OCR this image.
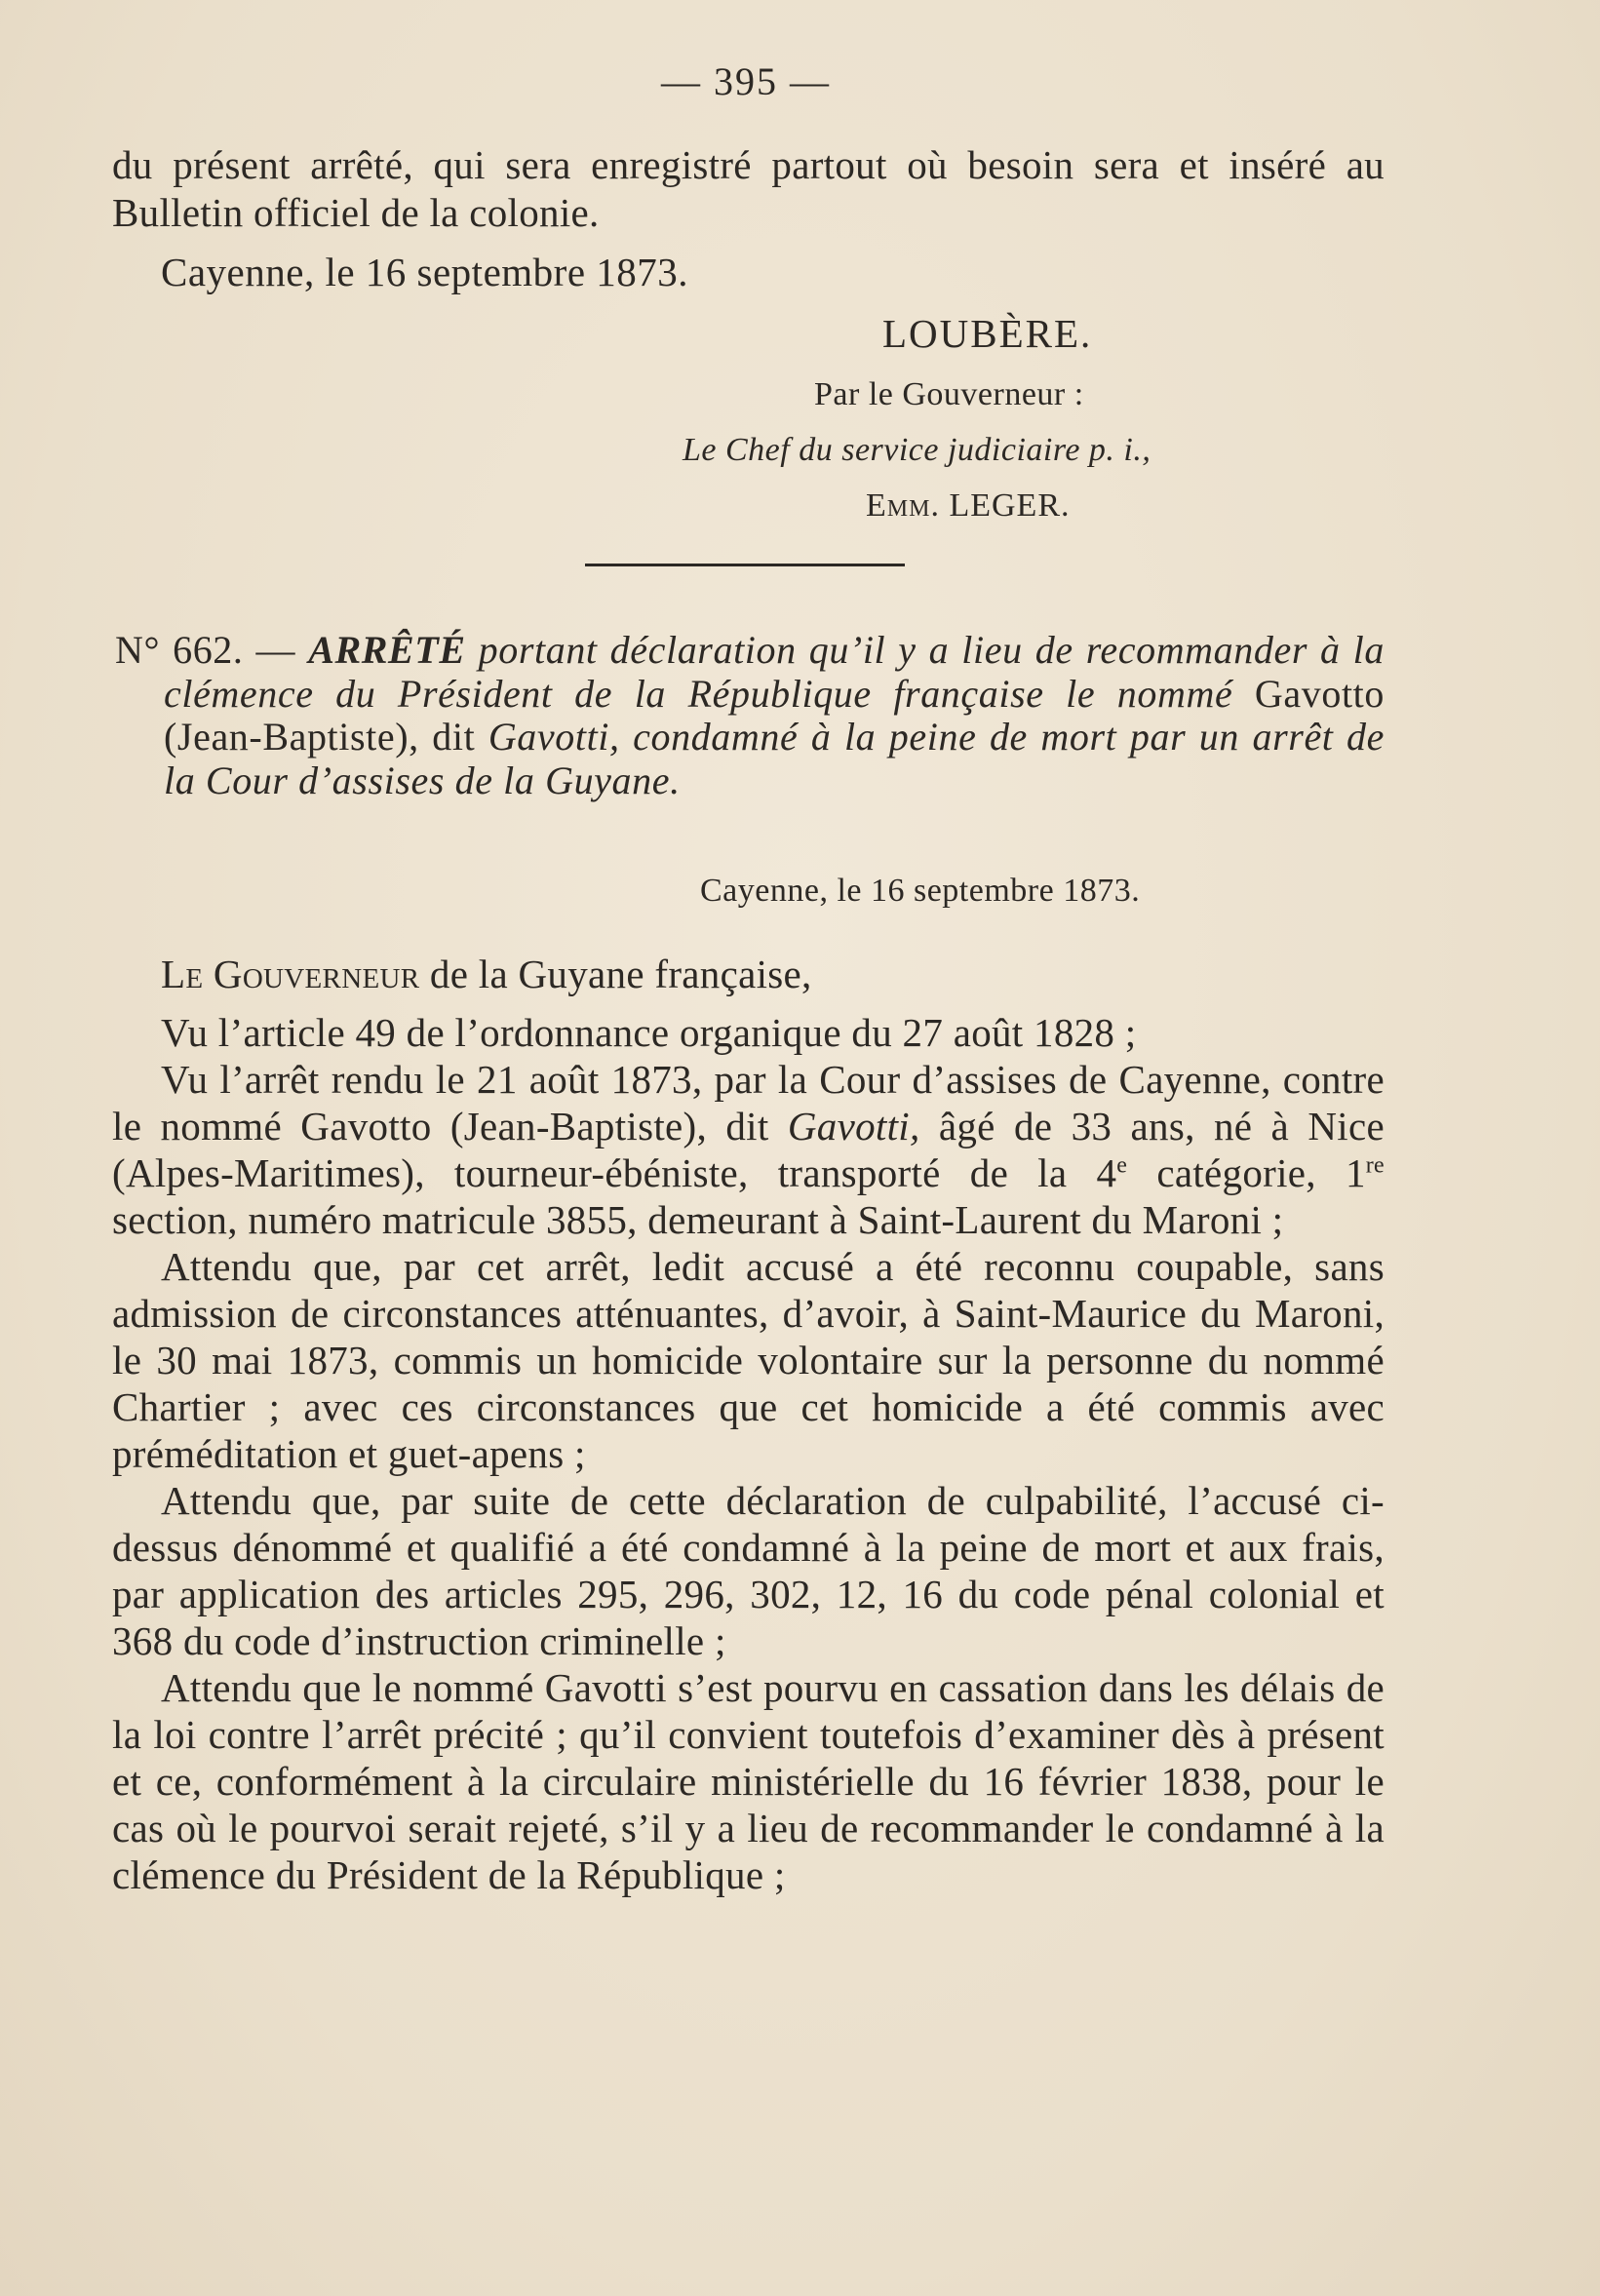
— 395 —

du présent arrêté, qui sera enregistré partout où besoin sera et inséré au Bulletin officiel de la colonie.

Cayenne, le 16 septembre 1873.
LOUBÈRE.
Par le Gouverneur :
Le Chef du service judiciaire p. i.,
Emm. LEGER.

N° 662. — ARRÊTÉ portant déclaration qu’il y a lieu de recommander à la clémence du Président de la République française le nommé Gavotto (Jean-Baptiste), dit Gavotti, condamné à la peine de mort par un arrêt de la Cour d’assises de la Guyane.

Cayenne, le 16 septembre 1873.

Le Gouverneur de la Guyane française,

Vu l’article 49 de l’ordonnance organique du 27 août 1828 ;

Vu l’arrêt rendu le 21 août 1873, par la Cour d’assises de Cayenne, contre le nommé Gavotto (Jean-Baptiste), dit Gavotti, âgé de 33 ans, né à Nice (Alpes-Maritimes), tourneur-ébéniste, transporté de la 4e catégorie, 1re section, numéro matricule 3855, demeurant à Saint-Laurent du Maroni ;

Attendu que, par cet arrêt, ledit accusé a été reconnu coupable, sans admission de circonstances atténuantes, d’avoir, à Saint-Maurice du Maroni, le 30 mai 1873, commis un homicide volontaire sur la personne du nommé Chartier ; avec ces circonstances que cet homicide a été commis avec préméditation et guet-apens ;

Attendu que, par suite de cette déclaration de culpabilité, l’accusé ci-dessus dénommé et qualifié a été condamné à la peine de mort et aux frais, par application des articles 295, 296, 302, 12, 16 du code pénal colonial et 368 du code d’instruction criminelle ;

Attendu que le nommé Gavotti s’est pourvu en cassation dans les délais de la loi contre l’arrêt précité ; qu’il convient toutefois d’examiner dès à présent et ce, conformément à la circulaire ministérielle du 16 février 1838, pour le cas où le pourvoi serait rejeté, s’il y a lieu de recommander le condamné à la clémence du Président de la République ;
